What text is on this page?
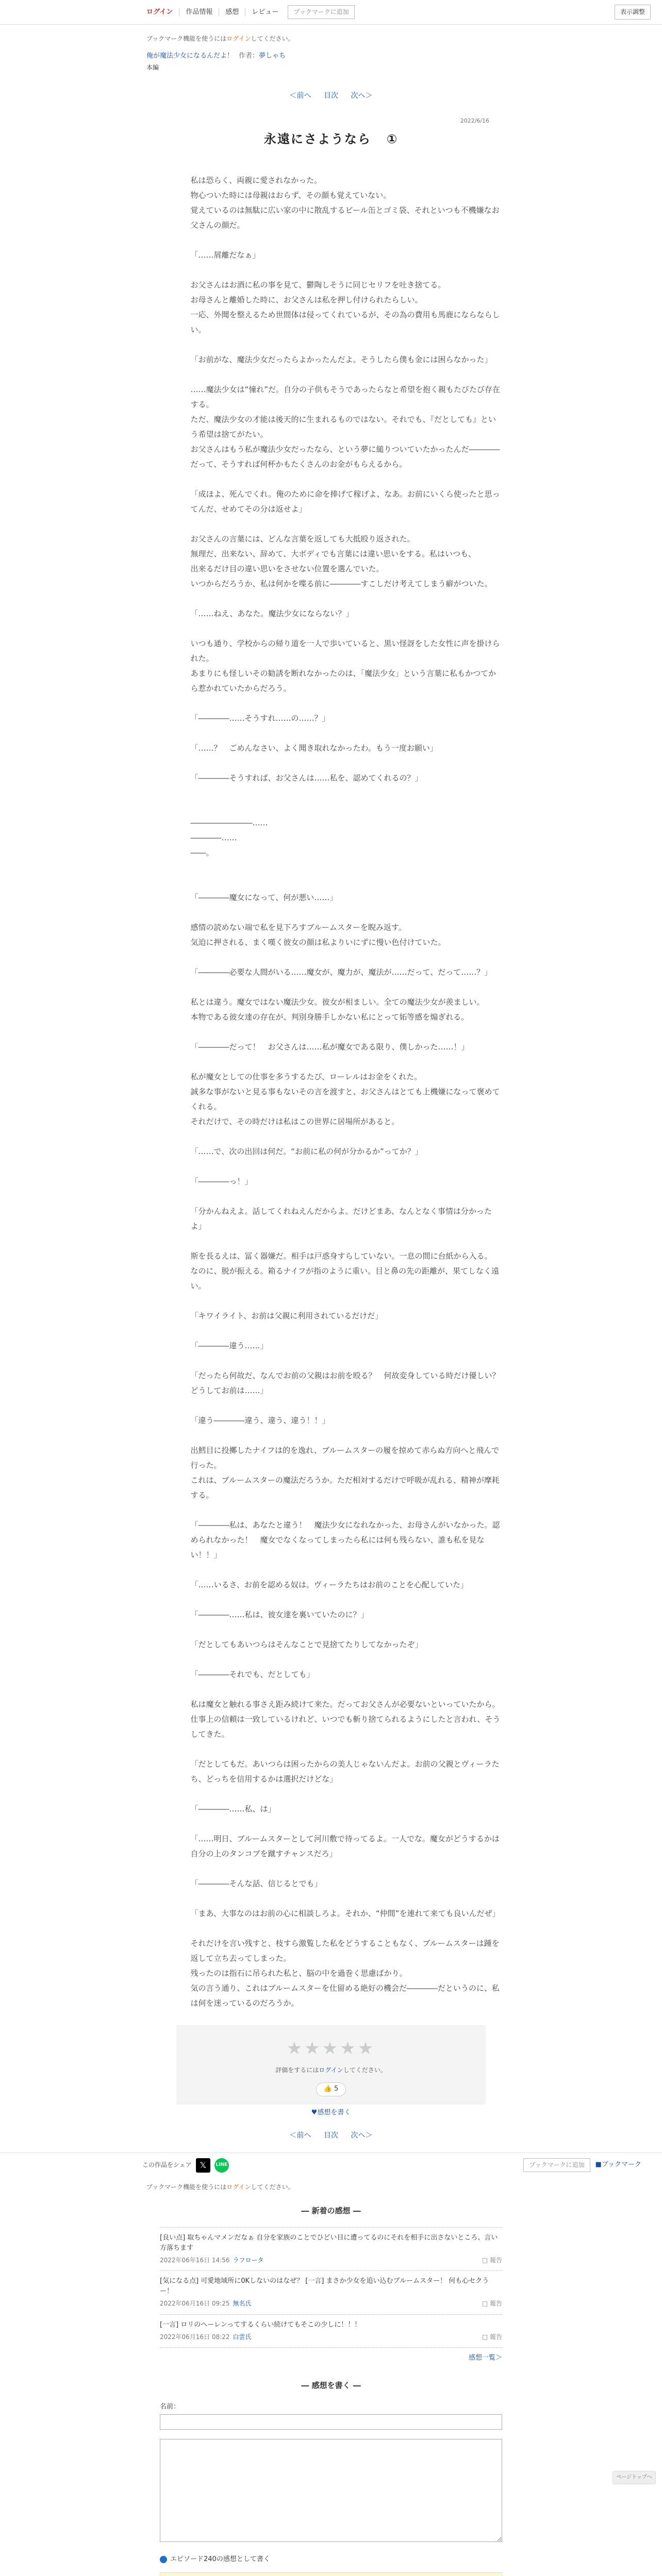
ログイン	作品情報	感想	レビュー	ブックマークに追加	表示調整
ブックマーク機能を使うにはログインしてください。
俺が魔法少女になるんだよ！ 作者：夢しゃち
本編
＜前へ 目次 次へ＞
2022/6/16
永遠にさようなら ①

私は恐らく、両親に愛されなかった。

物心ついた時には母親はおらず、その顔も覚えていない。

覚えているのは無駄に広い家の中に散乱するビール缶とゴミ袋、それといつも不機嫌なお父さんの顔だ。

「……屑離だなぁ」

お父さんはお酒に私の事を見て、鬱陶しそうに同じセリフを吐き捨てる。

お母さんと離婚した時に、お父さんは私を押し付けられたらしい。

一応、外聞を整えるため世間体は侵ってくれているが、その為の費用も馬鹿にならならしい。

「お前がな、魔法少女だったらよかったんだよ。そうしたら僕も金には困らなかった」

……魔法少女は“憧れ”だ。自分の子供もそうであったらなと希望を抱く親もたびたび存在する。

ただ、魔法少女の才能は後天的に生まれるものではない。それでも、『だとしても』という希望は捨てがたい。

お父さんはもう私が魔法少女だったなら、という夢に縋りついていたかったんだ――――だって、そうすれば何杯かもたくさんのお金がもらえるから。

「成ほよ、死んでくれ。俺のために命を捧げて稼げよ、なあ。お前にいくら使ったと思ってんだ、せめてその分は返せよ」

お父さんの言葉には、どんな言葉を返しても大抵殴り返された。

無理だ、出来ない、辞めて、大ボディでも言葉には違い思いをする。私はいつも、

出来るだけ目の違い思いをさせない位置を選んでいた。

いつからだろうか、私は何かを喋る前に――――すこしだけ考えてしまう癖がついた。

「……ねえ、あなた。魔法少女にならない？」

いつも通り、学校からの帰り道を一人で歩いていると、黒い怪訝をした女性に声を掛けられた。

あまりにも怪しいその勧誘を断れなかったのは、「魔法少女」という言葉に私もかつてから惹かれていたからだろう。

「――――……そうすれ……の……？」

「……？　ごめんなさい、よく聞き取れなかったわ。もう一度お願い」

「――――そうすれば、お父さんは……私を、認めてくれるの？」

――――――――……

――――……

――。

「――――魔女になって、何が悪い……」

感情の読めない端で私を見下ろすブルームスターを睨み返す。

気迫に押される、まく嘆く彼女の顔は私よりいにずに慢い色付けていた。

「――――必要な人間がいる……魔女が、魔力が、魔法が……だって、だって……？」

私とは違う。魔女ではない魔法少女。彼女が相ましい。全ての魔法少女が羨ましい。

本物である彼女達の存在が、判別身勝手しかない私にとって妬等感を煽ぎれる。

「――――だって！　お父さんは……私が魔女である限り、僕しかった……！」

私が魔女としての仕事を多うするたび、ローレルはお金をくれた。

誠多な事がないと見る事もないその言を渡すと、お父さんはとても上機嫌になって褒めてくれる。

それだけで、その時だけは私はこの世界に居場所があると。

「……で、次の出回は何だ。“お前に私の何が分かるか”ってか？」

「――――っ！」

「分かんねえよ。話してくれねえんだからよ。だけどまあ、なんとなく事情は分かったよ」

斯を長るえは、冨く器嫌だ。相手は戸惑身すらしていない。一息の間に台紙から入る。

なのに、脱が振える。箱るナイフが指のように重い。目と鼻の先の距離が、果てしなく遠い。

「キワイライト、お前は父親に利用されているだけだ」

「――――違う……」

「だったら何故だ、なんでお前の父親はお前を殴る？　何故変身している時だけ優しい？　どうしてお前は……」

「違う――――違う、違う、違う！！」

出鱈目に投擲したナイフは的を逸れ、ブルームスターの履を掠めて赤らぬ方向へと飛んで行った。

これは、ブルームスターの魔法だろうか。ただ相対するだけで呼吸が乱れる、精神が摩耗する。

「――――私は、あなたと違う！　魔法少女になれなかった、お母さんがいなかった。認められなかった！　魔女でなくなってしまったら私には何も残らない、誰も私を見ない！！」

「……いるさ、お前を認める奴は。ヴィーラたちはお前のことを心配していた」

「――――……私は、彼女達を裏いていたのに？」

「だとしてもあいつらはそんなことで見捨てたりしてなかったぞ」

「――――それでも、だとしても」

私は魔女と触れる事さえ距み続けて来た。だってお父さんが必要ないといっていたから。

仕事上の信頼は一致しているけれど、いつでも斬り捨てられるようにしたと言われ、そうしてきた。

「だとしてもだ。あいつらは困ったからの美人じゃないんだよ。お前の父親とヴィーラたち、どっちを信用するかは選択だけどな」

「――――……私、は」

「……明日、ブルームスターとして河川敷で待ってるよ。一人でな。魔女がどうするかは自分の上のタンコブを蹴すチャンスだろ」

「――――そんな話、信じるとでも」

「まあ、大事なのはお前の心に相談しろよ。それか、“仲間”を連れて来ても良いんだぜ」

それだけを言い残すと、枝すら激覧した私をどうすることもなく、ブルームスターは踵を返して立ち去ってしまった。

残ったのは指石に吊られた私と、脳の中を過巻く思慮ばかり。

気の言う通り、これはブルームスターを仕留める絶好の機会だ――――だというのに、私は何を迷っているのだろうか。

★★★★★
評価をするにはログインしてください。
👍 5
♥感想を書く
＜前へ 目次 次へ＞
この作品をシェア 𝕏	LINE	ブックマークに追加	■ブックマーク
ブックマーク機能を使うにはログインしてください。
― 新着の感想 ―
[良い点] 取ちゃんマメンだなぁ 自分を家族のことでひどい目に遭ってるのにそれを相手に出さないところ、言い方落ちます
2022年06年16日 14:56 ラフロータ	□ 報告
[気になる点] 可愛地域所に0Kしないのはなぜ？ [一言] まさか少女を追い込むブルームスター！ 何も心セクうー！
2022年06月16日 09:25 無名氏	□ 報告
[一言] ロリのヘーレンってするくらい続けてもそこの少しに！！！
2022年06月16日 08:22 白雲氏	□ 報告
感想一覧＞
― 感想を書く ―
名前：

エピソード240の感想として書く
ページトップへ
